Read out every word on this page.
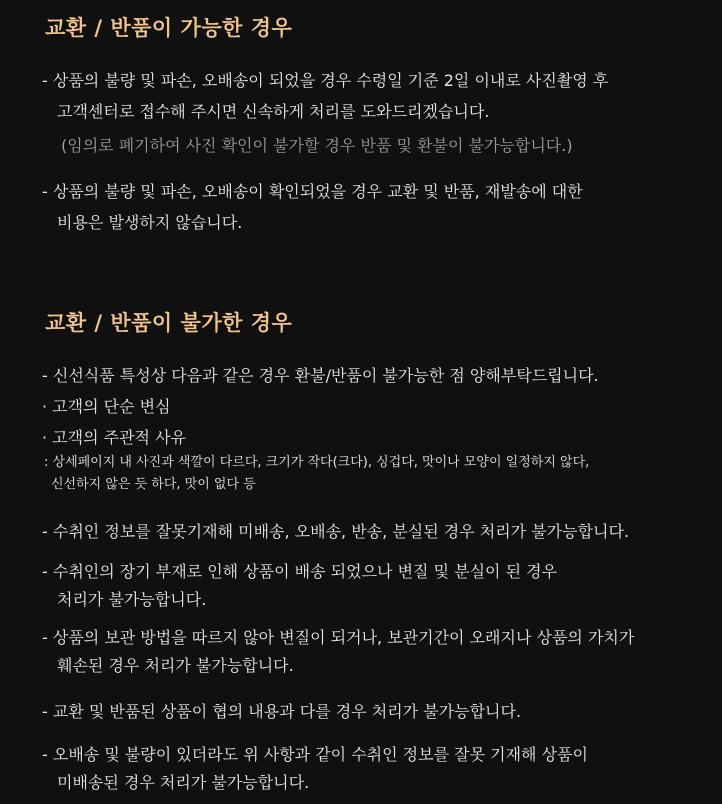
교환 / 반품이 가능한 경우

- 상품의 불량 및 파손, 오배송이 되었을 경우 수령일 기준 2일 이내로 사진촬영 후

고객센터로 접수해 주시면 신속하게 처리를 도와드리겠습니다.

(임의로 폐기하여 사진 확인이 불가할 경우 반품 및 환불이 불가능합니다.)

- 상품의 불량 및 파손, 오배송이 확인되었을 경우 교환 및 반품, 재발송에 대한

비용은 발생하지 않습니다.

교환 / 반품이 불가한 경우

- 신선식품 특성상 다음과 같은 경우 환불/반품이 불가능한 점 양해부탁드립니다.

· 고객의 단순 변심

· 고객의 주관적 사유

: 상세페이지 내 사진과 색깔이 다르다, 크기가 작다(크다), 싱겁다, 맛이나 모양이 일정하지 않다,

신선하지 않은 듯 하다, 맛이 없다 등

- 수취인 정보를 잘못기재해 미배송, 오배송, 반송, 분실된 경우 처리가 불가능합니다.

- 수취인의 장기 부재로 인해 상품이 배송 되었으나 변질 및 분실이 된 경우

처리가 불가능합니다.

- 상품의 보관 방법을 따르지 않아 변질이 되거나, 보관기간이 오래지나 상품의 가치가

훼손된 경우 처리가 불가능합니다.

- 교환 및 반품된 상품이 협의 내용과 다를 경우 처리가 불가능합니다.

- 오배송 및 불량이 있더라도 위 사항과 같이 수취인 정보를 잘못 기재해 상품이

미배송된 경우 처리가 불가능합니다.
